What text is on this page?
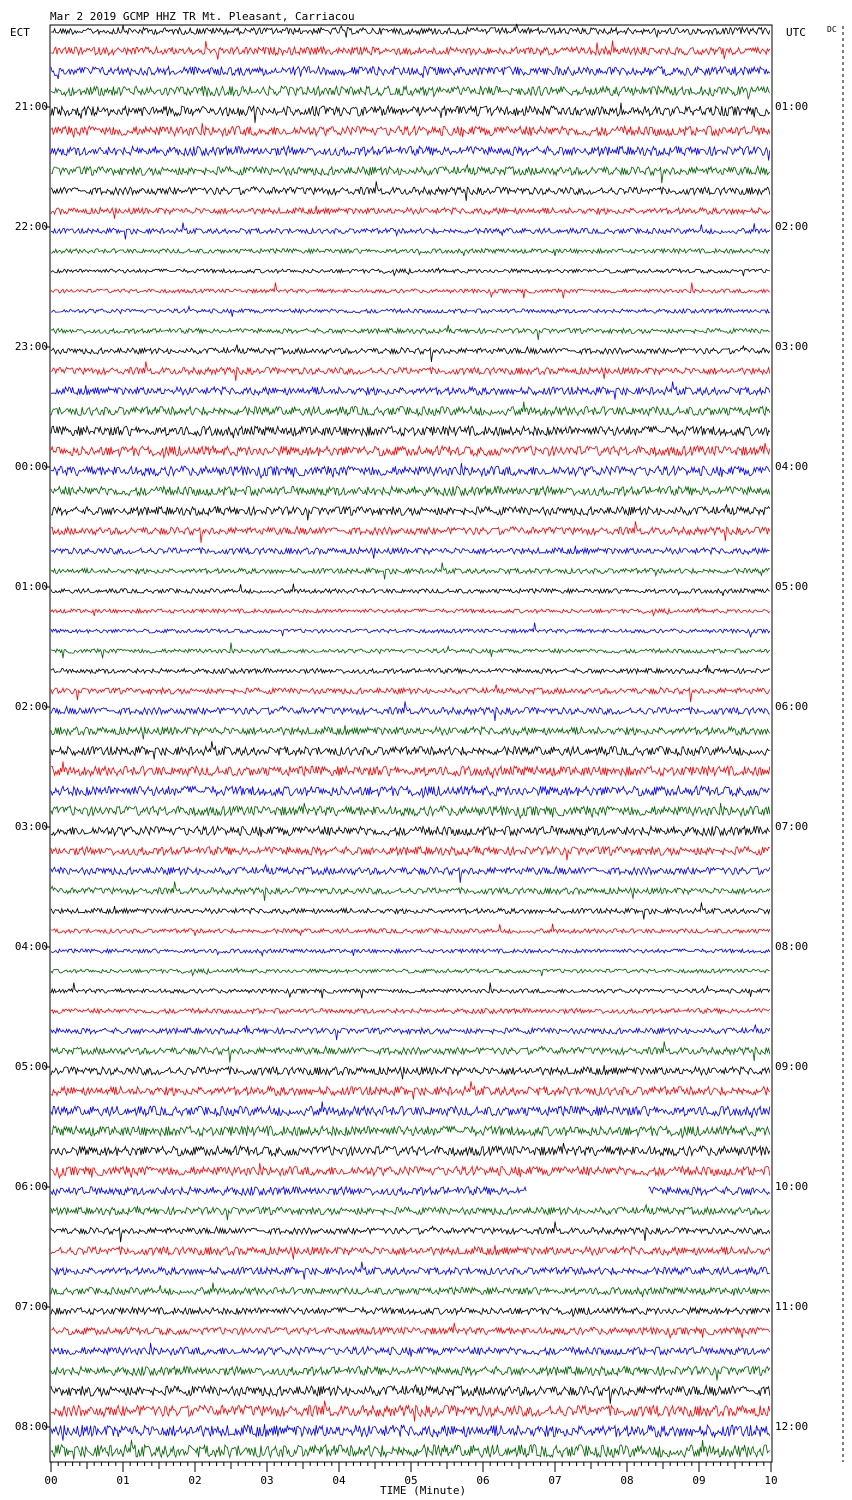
Mar 2 2019 GCMP HHZ TR Mt. Pleasant, Carriacou
ECT	UTC	DC
00	01	02	03	04	05	06	07	08	09	10
21:00
22:00
23:00
00:00
01:00
02:00
03:00
04:00
05:00
06:00
07:00
08:00
01:00
02:00
03:00
04:00
05:00
06:00
07:00
08:00
09:00
10:00
11:00
12:00
TIME (Minute)
